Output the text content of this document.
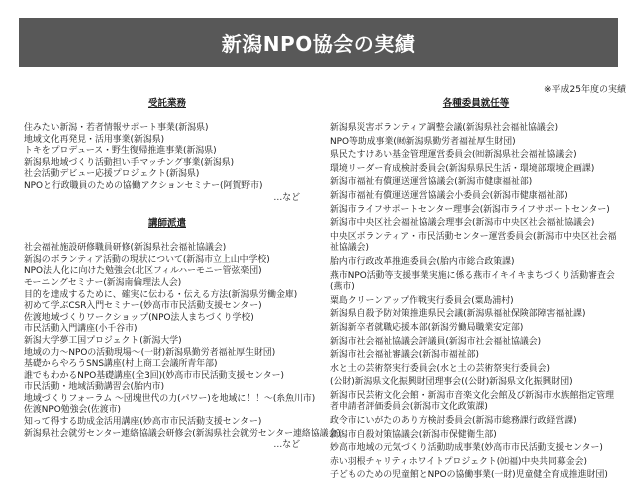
新潟NPO協会の実績
※平成25年度の実績
受託業務
住みたい新潟・若者情報サポート事業(新潟県)
地域文化再発見・活用事業(新潟県)
トキをプロデュース・野生復帰推進事業(新潟県)
新潟県地域づくり活動担い手マッチング事業(新潟県)
社会活動デビュー応援プロジェクト(新潟県)
NPOと行政職員のための協働アクションセミナー(阿賀野市)
…など
講師派遣
社会福祉施設研修職員研修(新潟県社会福祉協議会)
新潟のボランティア活動の現状について(新潟市立上山中学校)
NPO法人化に向けた勉強会(北区フィルハーモニー管弦楽団)
モーニングセミナー(新潟南倫理法人会)
目的を達成するために、確実に伝わる・伝える方法(新潟県労働金庫)
初めて学ぶCSR入門セミナー(妙高市市民活動支援センター)
佐渡地域づくりワークショップ(NPO法人まちづくり学校)
市民活動入門講座(小千谷市)
新潟大学夢工国プロジェクト(新潟大学)
地域の力～NPOの活動現場～(一財)新潟県勤労者福祉厚生財団)
基礎からやろうSNS講座(村上商工会議所青年部)
誰でもわかるNPO基礎講座(全3回)(妙高市市民活動支援センター)
市民活動・地域活動講習会(胎内市)
地域づくりフォーラム ～団塊世代の力(パワー)を地域に！！～(糸魚川市)
佐渡NPO勉強会(佐渡市)
知って得する助成金活用講座(妙高市市民活動支援センター)
新潟県社会就労センター連絡協議会研修会(新潟県社会就労センター連絡協議会)
…など
各種委員就任等
新潟県災害ボランティア調整会議(新潟県社会福祉協議会)
NPO等助成事業(㈶新潟県勤労者福祉厚生財団)
県民たすけあい基金管理運営委員会(㈳新潟県社会福祉協議会)
環境リーダー育成検討委員会(新潟県県民生活・環境部環境企画課)
新潟市福祉有償運送運営協議会(新潟市健康福祉部)
新潟市福祉有償運送運営協議会小委員会(新潟市健康福祉部)
新潟市ライフサポートセンター理事会(新潟市ライフサポートセンター)
新潟市中央区社会福祉協議会理事会(新潟市中央区社会福祉協議会)
中央区ボランティア・市民活動センター運営委員会(新潟市中央区社会福祉協議会)
胎内市行政改革推進委員会(胎内市総合政策課)
燕市NPO活動等支援事業実施に係る燕市イキイキまちづくり活動審査会(燕市)
粟島クリーンアップ作戦実行委員会(粟島浦村)
新潟県自殺予防対策推進県民会議(新潟県福祉保険部障害福祉課)
新潟新卒者就職応援本部(新潟労働局職業安定部)
新潟市社会福祉協議会評議員(新潟市社会福祉協議会)
新潟市社会福祉審議会(新潟市福祉部)
水と土の芸術祭実行委員会(水と土の芸術祭実行委員会)
(公財)新潟県文化振興財団理事会((公財)新潟県文化振興財団)
新潟市民芸術文化会館・新潟市音楽文化会館及び新潟市水族館指定管理者申請者評価委員会(新潟市文化政策課)
政令市にいがたのあり方検討委員会(新潟市総務課行政経営課)
新潟市自殺対策協議会(新潟市保健衛生部)
妙高市地域の元気づくり活動助成事業(妙高市市民活動支援センター)
赤い羽根チャリティホワイトプロジェクト(㈳福)中央共同募金会)
子どものための児童館とNPOの協働事業(一財)児童健全育成推進財団)
